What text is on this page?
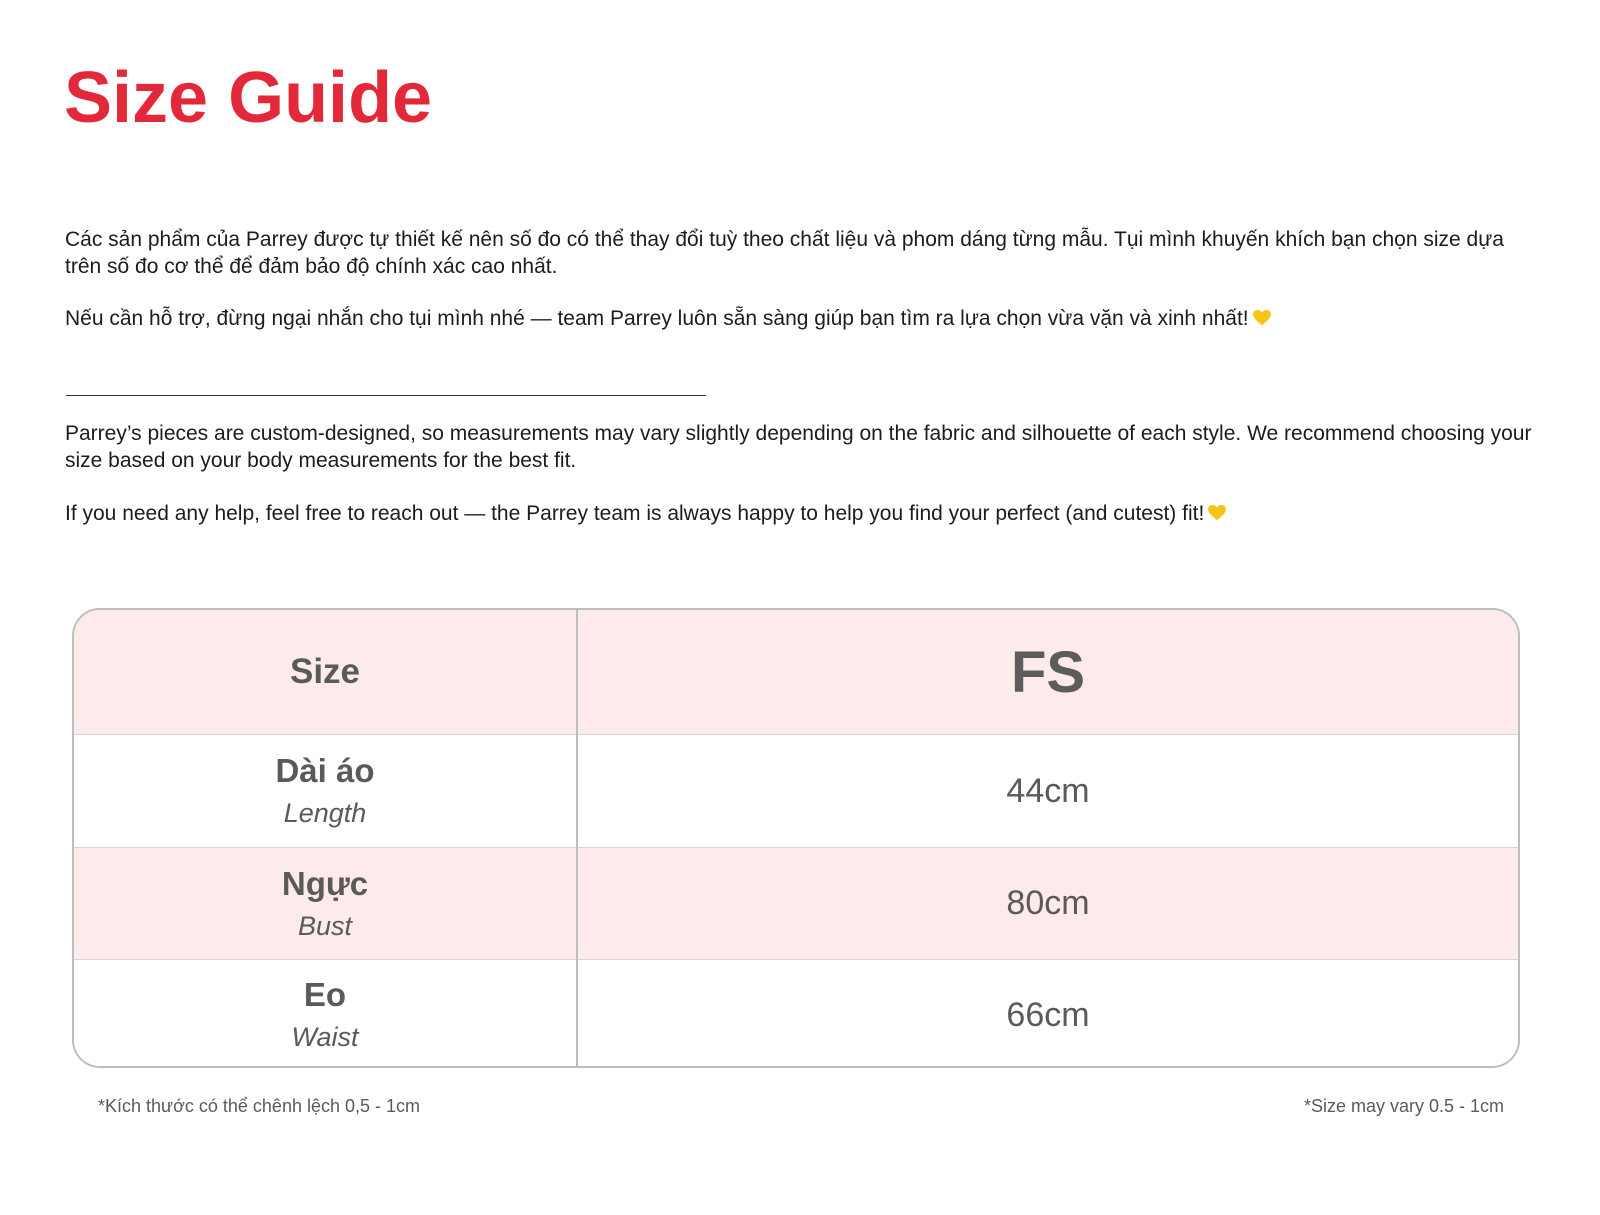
Size Guide

Các sản phẩm của Parrey được tự thiết kế nên số đo có thể thay đổi tuỳ theo chất liệu và phom dáng từng mẫu. Tụi mình khuyến khích bạn chọn size dựa trên số đo cơ thể để đảm bảo độ chính xác cao nhất.

Nếu cần hỗ trợ, đừng ngại nhắn cho tụi mình nhé — team Parrey luôn sẵn sàng giúp bạn tìm ra lựa chọn vừa vặn và xinh nhất!

Parrey’s pieces are custom-designed, so measurements may vary slightly depending on the fabric and silhouette of each style. We recommend choosing your size based on your body measurements for the best fit.

If you need any help, feel free to reach out — the Parrey team is always happy to help you find your perfect (and cutest) fit!

Size	FS
Dài áo
Length
44cm
Ngực
Bust
80cm
Eo
Waist
66cm

*Kích thước có thể chênh lệch 0,5 - 1cm	*Size may vary 0.5 - 1cm
